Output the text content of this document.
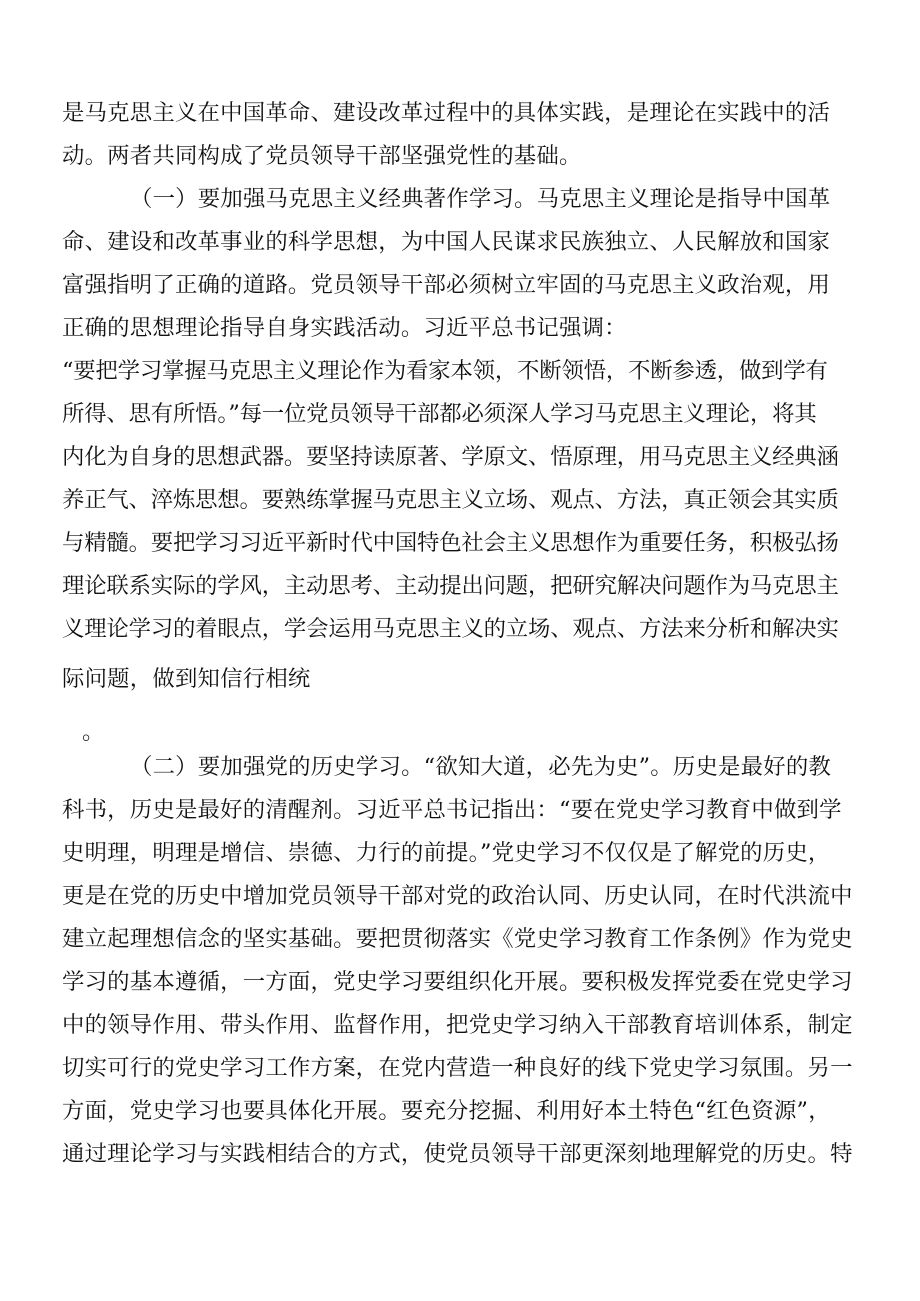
是马克思主义在中国革命、建设改革过程中的具体实践，是理论在实践中的活
动。两者共同构成了党员领导干部坚强党性的基础。
（一）要加强马克思主义经典著作学习。马克思主义理论是指导中国革
命、建设和改革事业的科学思想，为中国人民谋求民族独立、人民解放和国家
富强指明了正确的道路。党员领导干部必须树立牢固的马克思主义政治观，用
正确的思想理论指导自身实践活动。习近平总书记强调：
“要把学习掌握马克思主义理论作为看家本领，不断领悟，不断参透，做到学有
所得、思有所悟。”每一位党员领导干部都必须深人学习马克思主义理论，将其
内化为自身的思想武器。要坚持读原著、学原文、悟原理，用马克思主义经典涵
养正气、淬炼思想。要熟练掌握马克思主义立场、观点、方法，真正领会其实质
与精髓。要把学习习近平新时代中国特色社会主义思想作为重要任务，积极弘扬
理论联系实际的学风，主动思考、主动提出问题，把研究解决问题作为马克思主
义理论学习的着眼点，学会运用马克思主义的立场、观点、方法来分析和解决实
际问题，做到知信行相统
。
（二）要加强党的历史学习。“欲知大道，必先为史”。历史是最好的教
科书，历史是最好的清醒剂。习近平总书记指出：“要在党史学习教育中做到学
史明理，明理是增信、崇德、力行的前提。”党史学习不仅仅是了解党的历史，
更是在党的历史中增加党员领导干部对党的政治认同、历史认同，在时代洪流中
建立起理想信念的坚实基础。要把贯彻落实《党史学习教育工作条例》作为党史
学习的基本遵循，一方面，党史学习要组织化开展。要积极发挥党委在党史学习
中的领导作用、带头作用、监督作用，把党史学习纳入干部教育培训体系，制定
切实可行的党史学习工作方案，在党内营造一种良好的线下党史学习氛围。另一
方面，党史学习也要具体化开展。要充分挖掘、利用好本土特色“红色资源”，
通过理论学习与实践相结合的方式，使党员领导干部更深刻地理解党的历史。特
